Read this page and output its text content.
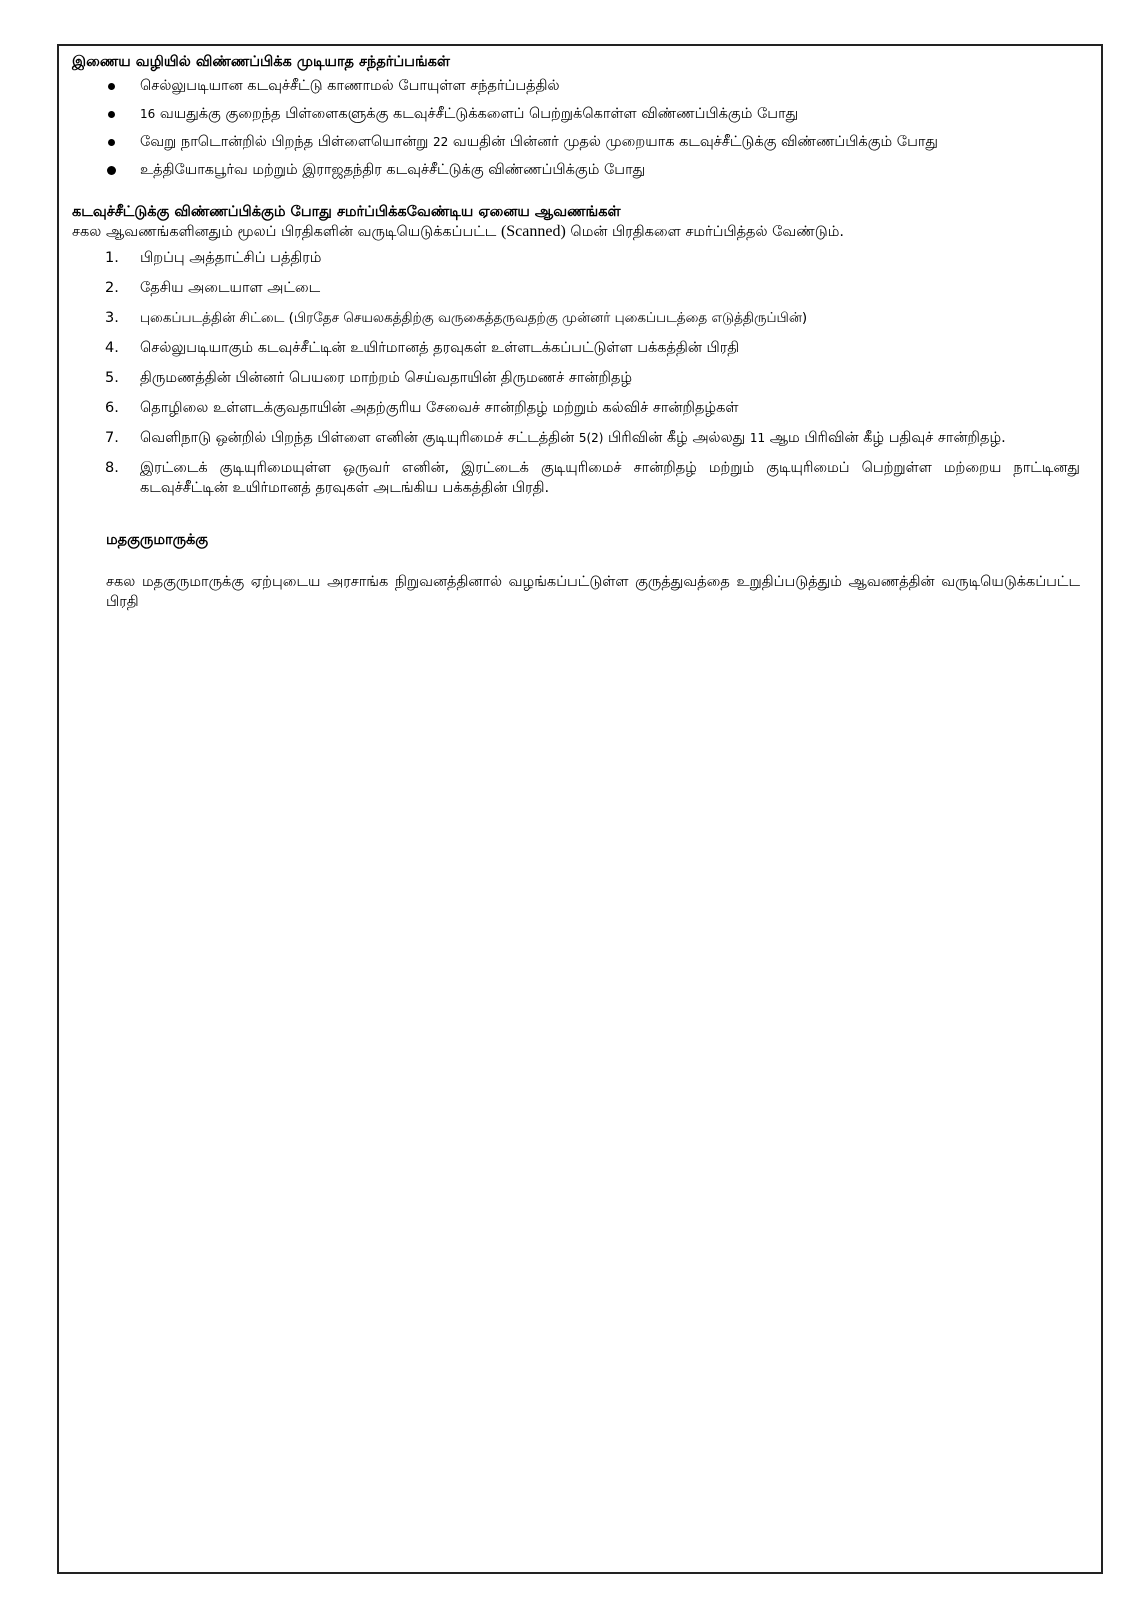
இணைய வழியில் விண்ணப்பிக்க முடியாத சந்தர்ப்பங்கள்

செல்லுபடியான கடவுச்சீட்டு காணாமல் போயுள்ள சந்தர்ப்பத்தில்
16 வயதுக்கு குறைந்த பிள்ளைகளுக்கு கடவுச்சீட்டுக்களைப் பெற்றுக்கொள்ள விண்ணப்பிக்கும் போது
வேறு நாடொன்றில் பிறந்த பிள்ளையொன்று 22 வயதின் பின்னர் முதல் முறையாக கடவுச்சீட்டுக்கு விண்ணப்பிக்கும் போது
உத்தியோகபூர்வ மற்றும் இராஜதந்திர கடவுச்சீட்டுக்கு விண்ணப்பிக்கும் போது

கடவுச்சீட்டுக்கு விண்ணப்பிக்கும் போது சமர்ப்பிக்கவேண்டிய ஏனைய ஆவணங்கள்

சகல ஆவணங்களினதும் மூலப் பிரதிகளின் வருடியெடுக்கப்பட்ட (Scanned) மென் பிரதிகளை சமர்ப்பித்தல் வேண்டும்.

1. பிறப்பு அத்தாட்சிப் பத்திரம்
2. தேசிய அடையாள அட்டை
3. புகைப்படத்தின் சிட்டை (பிரதேச செயலகத்திற்கு வருகைத்தருவதற்கு முன்னர் புகைப்படத்தை எடுத்திருப்பின்)
4. செல்லுபடியாகும் கடவுச்சீட்டின் உயிர்மானத் தரவுகள் உள்ளடக்கப்பட்டுள்ள பக்கத்தின் பிரதி
5. திருமணத்தின் பின்னர் பெயரை மாற்றம் செய்வதாயின் திருமணச் சான்றிதழ்
6. தொழிலை உள்ளடக்குவதாயின் அதற்குரிய சேவைச் சான்றிதழ் மற்றும் கல்விச் சான்றிதழ்கள்
7. வெளிநாடு ஒன்றில் பிறந்த பிள்ளை எனின் குடியுரிமைச் சட்டத்தின் 5(2) பிரிவின் கீழ் அல்லது 11 ஆம பிரிவின் கீழ் பதிவுச் சான்றிதழ்.
8. இரட்டைக் குடியுரிமையுள்ள ஒருவர் எனின், இரட்டைக் குடியுரிமைச் சான்றிதழ் மற்றும் குடியுரிமைப் பெற்றுள்ள மற்றைய நாட்டினது கடவுச்சீட்டின் உயிர்மானத் தரவுகள் அடங்கிய பக்கத்தின் பிரதி.

மதகுருமாருக்கு

சகல மதகுருமாருக்கு ஏற்புடைய அரசாங்க நிறுவனத்தினால் வழங்கப்பட்டுள்ள குருத்துவத்தை உறுதிப்படுத்தும் ஆவணத்தின் வருடியெடுக்கப்பட்ட பிரதி
